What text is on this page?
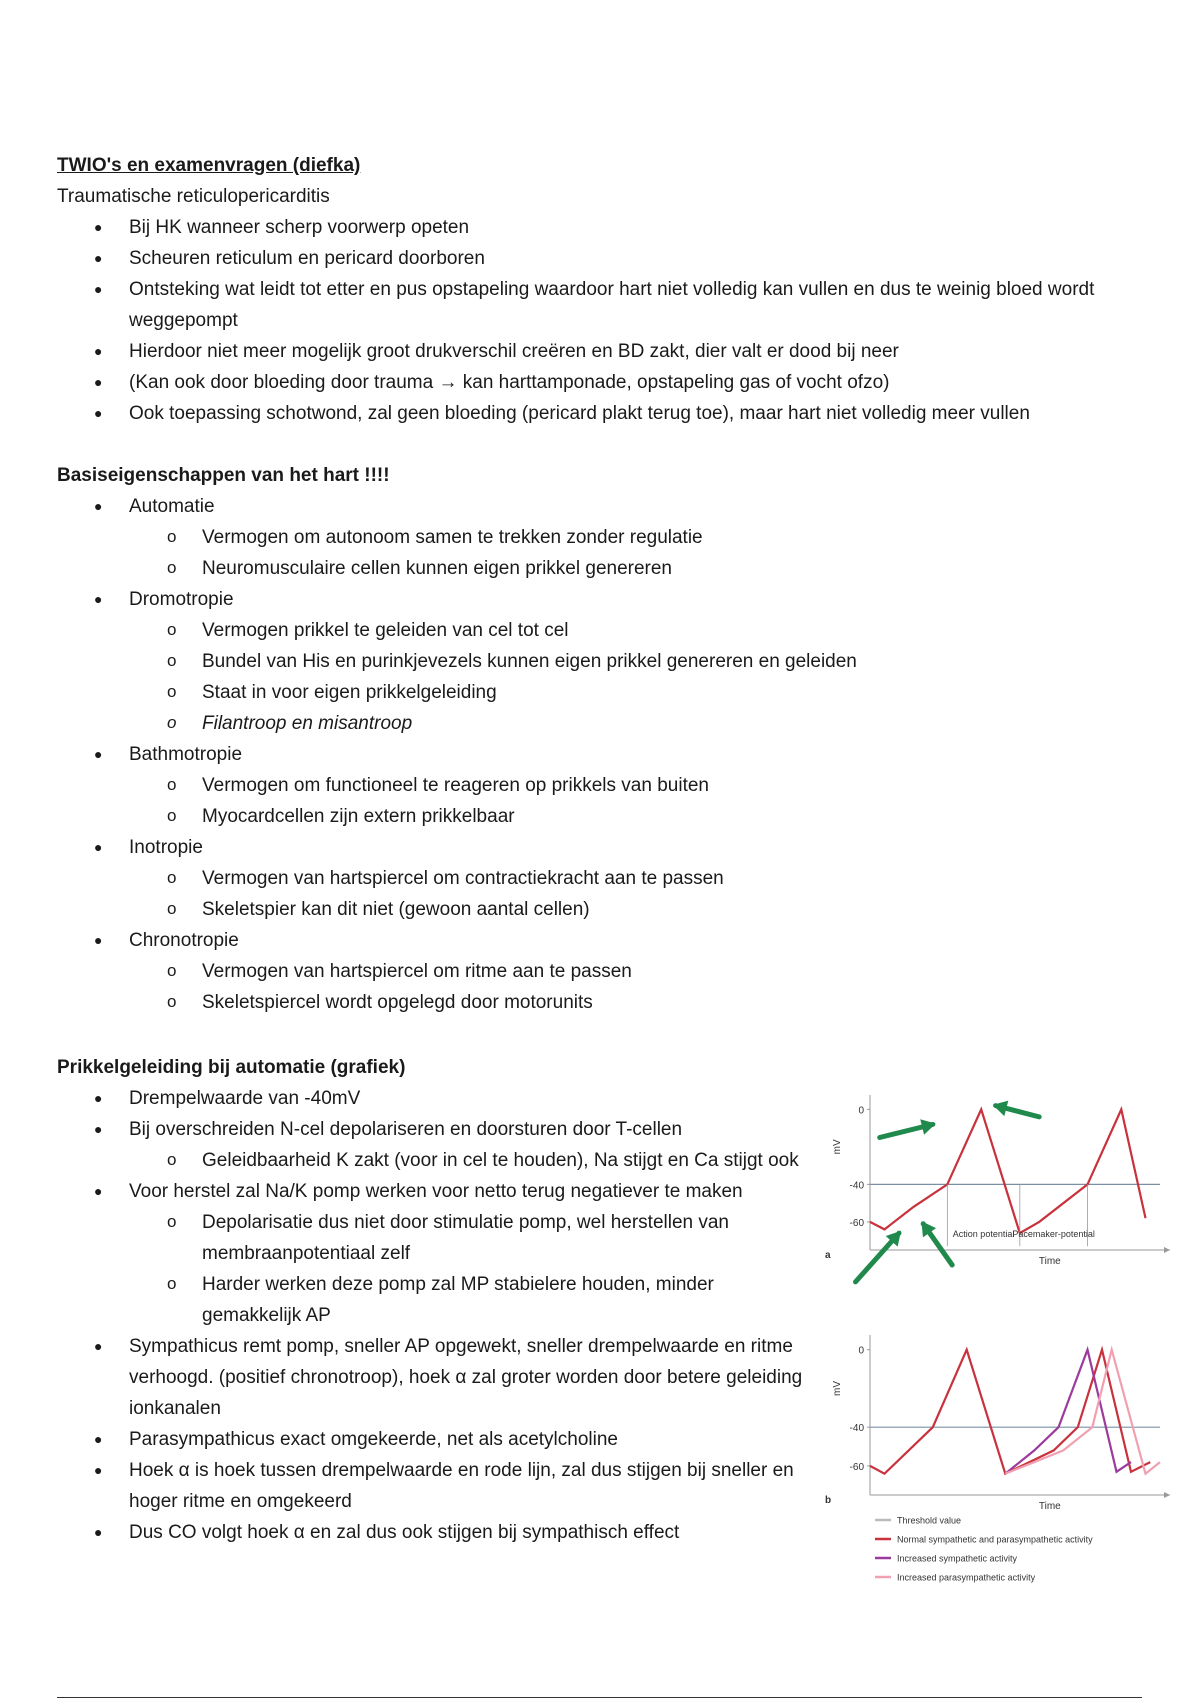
TWIO's en examenvragen (diefka)
Traumatische reticulopericarditis
● Bij HK wanneer scherp voorwerp opeten
● Scheuren reticulum en pericard doorboren
● Ontsteking wat leidt tot etter en pus opstapeling waardoor hart niet volledig kan vullen en dus te weinig bloed wordt weggepompt
● Hierdoor niet meer mogelijk groot drukverschil creëren en BD zakt, dier valt er dood bij neer
● (Kan ook door bloeding door trauma → kan harttamponade, opstapeling gas of vocht ofzo)
● Ook toepassing schotwond, zal geen bloeding (pericard plakt terug toe), maar hart niet volledig meer vullen
Basiseigenschappen van het hart !!!!
● Automatie
o Vermogen om autonoom samen te trekken zonder regulatie
o Neuromusculaire cellen kunnen eigen prikkel genereren
● Dromotropie
o Vermogen prikkel te geleiden van cel tot cel
o Bundel van His en purinkjevezels kunnen eigen prikkel genereren en geleiden
o Staat in voor eigen prikkelgeleiding
o Filantroop en misantroop
● Bathmotropie
o Vermogen om functioneel te reageren op prikkels van buiten
o Myocardcellen zijn extern prikkelbaar
● Inotropie
o Vermogen van hartspiercel om contractiekracht aan te passen
o Skeletspier kan dit niet (gewoon aantal cellen)
● Chronotropie
o Vermogen van hartspiercel om ritme aan te passen
o Skeletspiercel wordt opgelegd door motorunits
Prikkelgeleiding bij automatie (grafiek)
● Drempelwaarde van -40mV
● Bij overschreiden N-cel depolariseren en doorsturen door T-cellen
o Geleidbaarheid K zakt (voor in cel te houden), Na stijgt en Ca stijgt ook
● Voor herstel zal Na/K pomp werken voor netto terug negatiever te maken
o Depolarisatie dus niet door stimulatie pomp, wel herstellen van membraanpotentiaal zelf
o Harder werken deze pomp zal MP stabielere houden, minder gemakkelijk AP
● Sympathicus remt pomp, sneller AP opgewekt, sneller drempelwaarde en ritme verhoogd. (positief chronotroop), hoek α zal groter worden door betere geleiding ionkanalen
● Parasympathicus exact omgekeerde, net als acetylcholine
● Hoek α is hoek tussen drempelwaarde en rode lijn, zal dus stijgen bij sneller en hoger ritme en omgekeerd
● Dus CO volgt hoek α en zal dus ook stijgen bij sympathisch effect
0
-40
-60
mV
Time
a
Action potential
Pacemaker-potential
0
-40
-60
mV
Time
b
Threshold value
Normal sympathetic and parasympathetic activity
Increased sympathetic activity
Increased parasympathetic activity
